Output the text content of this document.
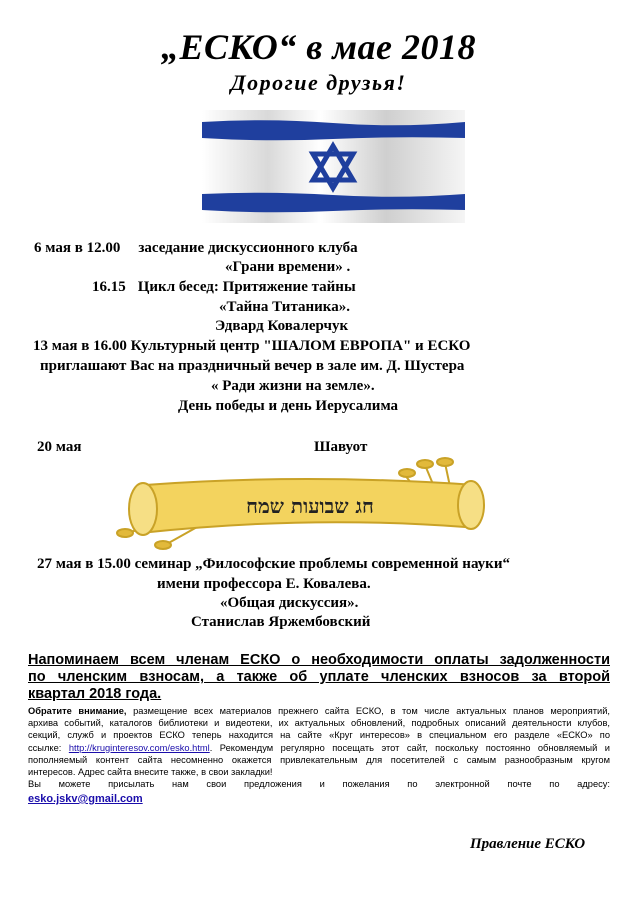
„ЕСКО“ в мае 2018
Дорогие друзья!
6 мая в 12.00 заседание дискуссионного клуба
«Грани времени» .
16.15 Цикл бесед: Притяжение тайны
«Тайна Титаника».
Эдвард Ковалерчук
13 мая в 16.00 Культурный центр "ШАЛОМ ЕВРОПА" и ЕСКО
приглашают Вас на праздничный вечер в зале им. Д. Шустера
« Ради жизни на земле».
День победы и день Иерусалима
20 мая	Шавуот
חג שבועות שמח
27 мая в 15.00 семинар „Философские проблемы современной науки“
имени профессора Е. Ковалева.
«Общая дискуссия».
Станислав Яржембовский
Напоминаем всем членам ЕСКО о необходимости оплаты задолженности
по членским взносам, а также об уплате членских взносов за второй
квартал 2018 года.
Обратите внимание, размещение всех материалов прежнего сайта ЕСКО, в том числе актуальных планов мероприятий,
архива событий, каталогов библиотеки и видеотеки, их актуальных обновлений, подробных описаний деятельности клубов,
секций, служб и проектов ЕСКО теперь находится на сайте «Круг интересов» в специальном его разделе «ЕСКО» по
ссылке: http://kruginteresov.com/esko.html. Рекомендум регулярно посещать этот сайт, поскольку постоянно обновляемый и
пополняемый контент сайта несомненно окажется привлекательным для посетителей с самым разнообразным кругом
интересов. Адрес сайта внесите также, в свои закладки!
Вы можете присылать нам свои предложения и пожелания по электронной почте по адресу:
esko.jskv@gmail.com
Правление ЕСКО
